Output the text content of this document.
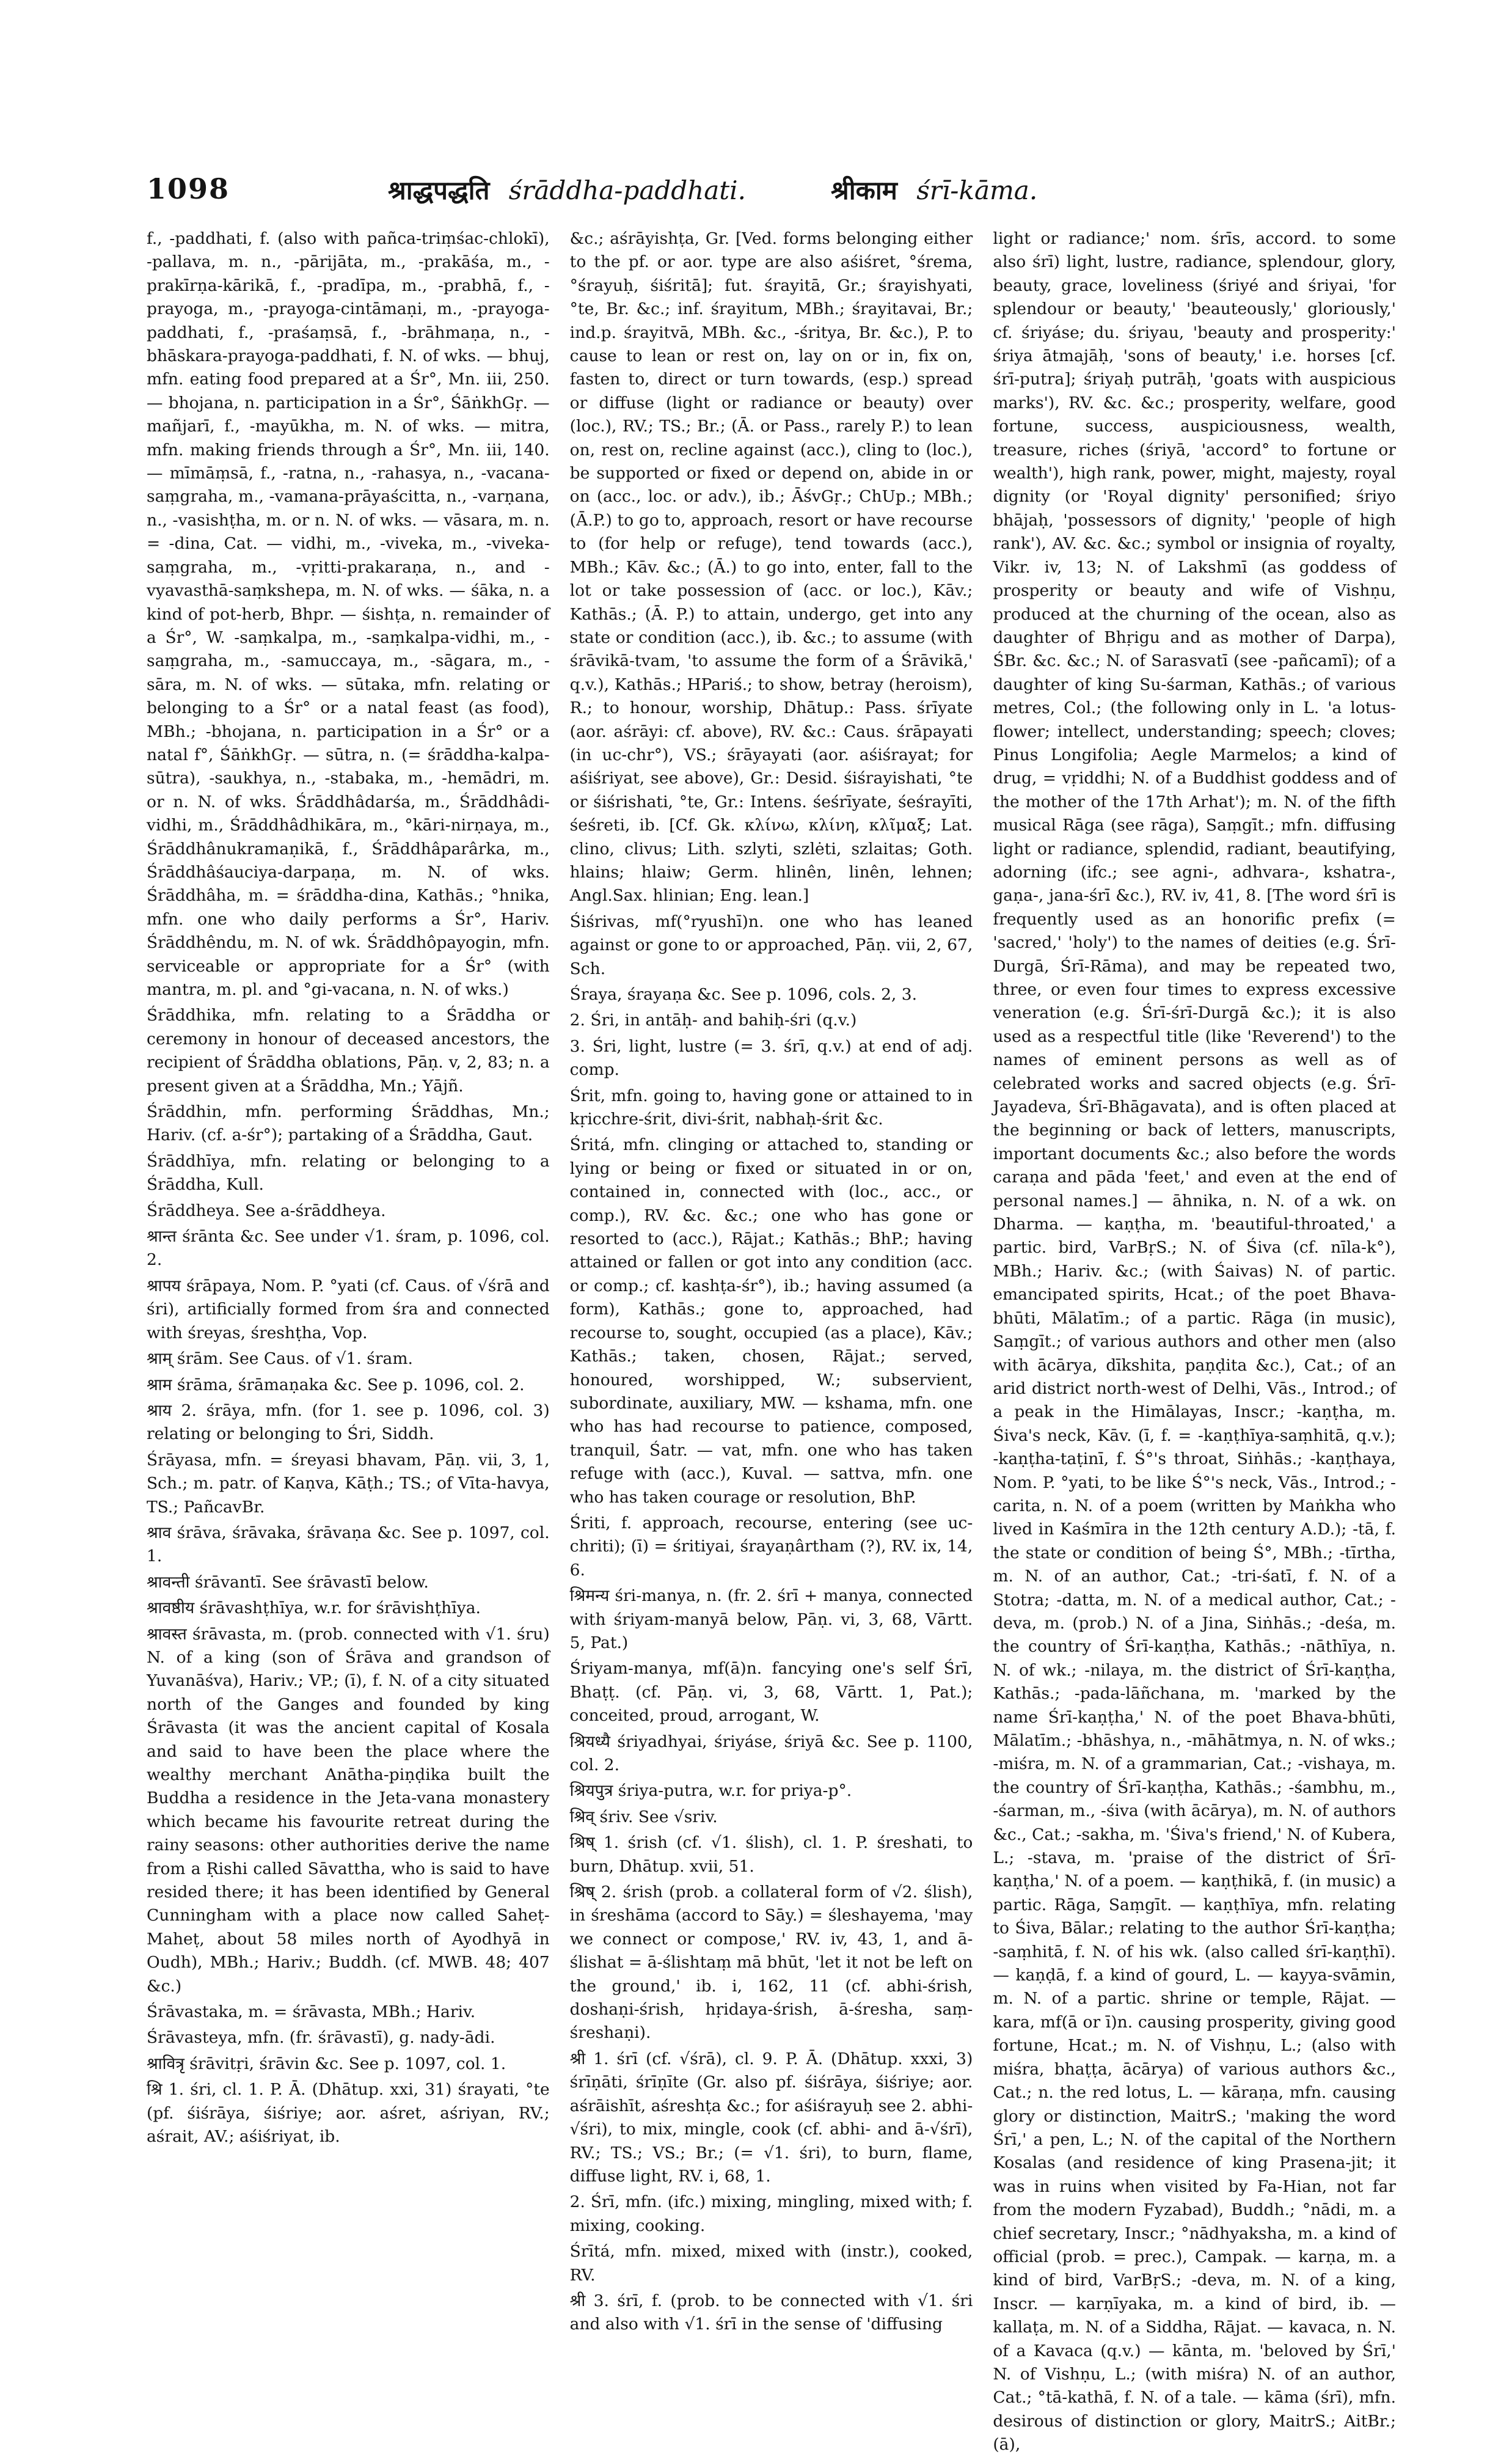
1098	श्राद्धपद्धति śrāddha-paddhati.	श्रीकाम śrī-kāma.

f., -paddhati, f. (also with pañca-triṃśac-chlokī), -pallava, m. n., -pārijāta, m., -prakāśa, m., -prakīrṇa-kārikā, f., -pradīpa, m., -prabhā, f., -prayoga, m., -prayoga-cintāmaṇi, m., -prayoga-paddhati, f., -praśaṃsā, f., -brāhmaṇa, n., -bhāskara-prayoga-paddhati, f. N. of wks. — bhuj, mfn. eating food prepared at a Śr°, Mn. iii, 250. — bhojana, n. participation in a Śr°, ŚāṅkhGṛ. — mañjarī, f., -mayūkha, m. N. of wks. — mitra, mfn. making friends through a Śr°, Mn. iii, 140. — mīmāṃsā, f., -ratna, n., -rahasya, n., -vacana-saṃgraha, m., -vamana-prāyaścitta, n., -varṇana, n., -vasishṭha, m. or n. N. of wks. — vāsara, m. n. = -dina, Cat. — vidhi, m., -viveka, m., -viveka-saṃgraha, m., -vṛitti-prakaraṇa, n., and -vyavasthā-saṃkshepa, m. N. of wks. — śāka, n. a kind of pot-herb, Bhpr. — śishṭa, n. remainder of a Śr°, W. -saṃkalpa, m., -saṃkalpa-vidhi, m., -saṃgraha, m., -samuccaya, m., -sāgara, m., -sāra, m. N. of wks. — sūtaka, mfn. relating or belonging to a Śr° or a natal feast (as food), MBh.; -bhojana, n. participation in a Śr° or a natal f°, ŚāṅkhGṛ. — sūtra, n. (= śrāddha-kalpa-sūtra), -saukhya, n., -stabaka, m., -hemādri, m. or n. N. of wks. Śrāddhâdarśa, m., Śrāddhâdi-vidhi, m., Śrāddhâdhikāra, m., °kāri-nirṇaya, m., Śrāddhânukramaṇikā, f., Śrāddhâparârka, m., Śrāddhâśauciya-darpaṇa, m. N. of wks. Śrāddhâha, m. = śrāddha-dina, Kathās.; °hnika, mfn. one who daily performs a Śr°, Hariv. Śrāddhêndu, m. N. of wk. Śrāddhôpayogin, mfn. serviceable or appropriate for a Śr° (with mantra, m. pl. and °gi-vacana, n. N. of wks.)

Śrāddhika, mfn. relating to a Śrāddha or ceremony in honour of deceased ancestors, the recipient of Śrāddha oblations, Pāṇ. v, 2, 83; n. a present given at a Śrāddha, Mn.; Yājñ.

Śrāddhin, mfn. performing Śrāddhas, Mn.; Hariv. (cf. a-śr°); partaking of a Śrāddha, Gaut.

Śrāddhīya, mfn. relating or belonging to a Śrāddha, Kull.

Śrāddheya. See a-śrāddheya.

श्रान्त śrānta &c. See under √1. śram, p. 1096, col. 2.

श्रापय śrāpaya, Nom. P. °yati (cf. Caus. of √śrā and śri), artificially formed from śra and connected with śreyas, śreshṭha, Vop.

श्राम् śrām. See Caus. of √1. śram.

श्राम śrāma, śrāmaṇaka &c. See p. 1096, col. 2.

श्राय 2. śrāya, mfn. (for 1. see p. 1096, col. 3) relating or belonging to Śri, Siddh.

Śrāyasa, mfn. = śreyasi bhavam, Pāṇ. vii, 3, 1, Sch.; m. patr. of Kaṇva, Kāṭh.; TS.; of Vīta-havya, TS.; PañcavBr.

श्राव śrāva, śrāvaka, śrāvaṇa &c. See p. 1097, col. 1.

श्रावन्ती śrāvantī. See śrāvastī below.

श्रावष्ठीय śrāvashṭhīya, w.r. for śrāvishṭhīya.

श्रावस्त śrāvasta, m. (prob. connected with √1. śru) N. of a king (son of Śrāva and grandson of Yuvanāśva), Hariv.; VP.; (ī), f. N. of a city situated north of the Ganges and founded by king Śrāvasta (it was the ancient capital of Kosala and said to have been the place where the wealthy merchant Anātha-piṇḍika built the Buddha a residence in the Jeta-vana monastery which became his favourite retreat during the rainy seasons: other authorities derive the name from a Ṛishi called Sāvattha, who is said to have resided there; it has been identified by General Cunningham with a place now called Saheṭ-Maheṭ, about 58 miles north of Ayodhyā in Oudh), MBh.; Hariv.; Buddh. (cf. MWB. 48; 407 &c.)

Śrāvastaka, m. = śrāvasta, MBh.; Hariv.

Śrāvasteya, mfn. (fr. śrāvastī), g. nady-ādi.

श्रावित्रृ śrāvitṛi, śrāvin &c. See p. 1097, col. 1.

श्रि 1. śri, cl. 1. P. Ā. (Dhātup. xxi, 31) śrayati, °te (pf. śiśrāya, śiśriye; aor. aśret, aśriyan, RV.; aśrait, AV.; aśiśriyat, ib.

&c.; aśrāyishṭa, Gr. [Ved. forms belonging either to the pf. or aor. type are also aśiśret, °śrema, °śrayuḥ, śiśritā]; fut. śrayitā, Gr.; śrayishyati, °te, Br. &c.; inf. śrayitum, MBh.; śrayitavai, Br.; ind.p. śrayitvā, MBh. &c., -śritya, Br. &c.), P. to cause to lean or rest on, lay on or in, fix on, fasten to, direct or turn towards, (esp.) spread or diffuse (light or radiance or beauty) over (loc.), RV.; TS.; Br.; (Ā. or Pass., rarely P.) to lean on, rest on, recline against (acc.), cling to (loc.), be supported or fixed or depend on, abide in or on (acc., loc. or adv.), ib.; ĀśvGṛ.; ChUp.; MBh.; (Ā.P.) to go to, approach, resort or have recourse to (for help or refuge), tend towards (acc.), MBh.; Kāv. &c.; (Ā.) to go into, enter, fall to the lot or take possession of (acc. or loc.), Kāv.; Kathās.; (Ā. P.) to attain, undergo, get into any state or condition (acc.), ib. &c.; to assume (with śrāvikā-tvam, 'to assume the form of a Śrāvikā,' q.v.), Kathās.; HPariś.; to show, betray (heroism), R.; to honour, worship, Dhātup.: Pass. śrīyate (aor. aśrāyi: cf. above), RV. &c.: Caus. śrāpayati (in uc-chr°), VS.; śrāyayati (aor. aśiśrayat; for aśiśriyat, see above), Gr.: Desid. śiśrayishati, °te or śiśrishati, °te, Gr.: Intens. śeśrīyate, śeśrayīti, śeśreti, ib. [Cf. Gk. κλίνω, κλίνη, κλῖμαξ; Lat. clino, clivus; Lith. szlyti, szlėti, szlaitas; Goth. hlains; hlaiw; Germ. hlinên, linên, lehnen; Angl.Sax. hlinian; Eng. lean.]

Śiśrivas, mf(°ryushī)n. one who has leaned against or gone to or approached, Pāṇ. vii, 2, 67, Sch.

Śraya, śrayaṇa &c. See p. 1096, cols. 2, 3.

2. Śri, in antāḥ- and bahiḥ-śri (q.v.)

3. Śri, light, lustre (= 3. śrī, q.v.) at end of adj. comp.

Śrit, mfn. going to, having gone or attained to in kṛicchre-śrit, divi-śrit, nabhaḥ-śrit &c.

Śritá, mfn. clinging or attached to, standing or lying or being or fixed or situated in or on, contained in, connected with (loc., acc., or comp.), RV. &c. &c.; one who has gone or resorted to (acc.), Rājat.; Kathās.; BhP.; having attained or fallen or got into any condition (acc. or comp.; cf. kashṭa-śr°), ib.; having assumed (a form), Kathās.; gone to, approached, had recourse to, sought, occupied (as a place), Kāv.; Kathās.; taken, chosen, Rājat.; served, honoured, worshipped, W.; subservient, subordinate, auxiliary, MW. — kshama, mfn. one who has had recourse to patience, composed, tranquil, Śatr. — vat, mfn. one who has taken refuge with (acc.), Kuval. — sattva, mfn. one who has taken courage or resolution, BhP.

Śriti, f. approach, recourse, entering (see uc-chriti); (ī) = śritiyai, śrayaṇârtham (?), RV. ix, 14, 6.

श्रिमन्य śri-manya, n. (fr. 2. śrī + manya, connected with śriyam-manyā below, Pāṇ. vi, 3, 68, Vārtt. 5, Pat.)

Śriyam-manya, mf(ā)n. fancying one's self Śrī, Bhaṭṭ. (cf. Pāṇ. vi, 3, 68, Vārtt. 1, Pat.); conceited, proud, arrogant, W.

श्रियध्यै śriyadhyai, śriyáse, śriyā &c. See p. 1100, col. 2.

श्रियपुत्र śriya-putra, w.r. for priya-p°.

श्रिव् śriv. See √sriv.

श्रिष् 1. śrish (cf. √1. ślish), cl. 1. P. śreshati, to burn, Dhātup. xvii, 51.

श्रिष् 2. śrish (prob. a collateral form of √2. ślish), in śreshāma (accord to Sāy.) = śleshayema, 'may we connect or compose,' RV. iv, 43, 1, and ā-ślishat = ā-ślishtaṃ mā bhūt, 'let it not be left on the ground,' ib. i, 162, 11 (cf. abhi-śrish, doshaṇi-śrish, hṛidaya-śrish, ā-śresha, saṃ-śreshaṇi).

श्री 1. śrī (cf. √śrā), cl. 9. P. Ā. (Dhātup. xxxi, 3) śrīṇāti, śrīṇīte (Gr. also pf. śiśrāya, śiśriye; aor. aśrāishīt, aśreshṭa &c.; for aśiśrayuḥ see 2. abhi-√śri), to mix, mingle, cook (cf. abhi- and ā-√śrī), RV.; TS.; VS.; Br.; (= √1. śri), to burn, flame, diffuse light, RV. i, 68, 1.

2. Śrī, mfn. (ifc.) mixing, mingling, mixed with; f. mixing, cooking.

Śrītá, mfn. mixed, mixed with (instr.), cooked, RV.

श्री 3. śrī, f. (prob. to be connected with √1. śri and also with √1. śrī in the sense of 'diffusing

light or radiance;' nom. śrīs, accord. to some also śrī) light, lustre, radiance, splendour, glory, beauty, grace, loveliness (śriyé and śriyai, 'for splendour or beauty,' 'beauteously,' gloriously,' cf. śriyáse; du. śriyau, 'beauty and prosperity:' śriya ātmajāḥ, 'sons of beauty,' i.e. horses [cf. śrī-putra]; śriyaḥ putrāḥ, 'goats with auspicious marks'), RV. &c. &c.; prosperity, welfare, good fortune, success, auspiciousness, wealth, treasure, riches (śriyā, 'accord° to fortune or wealth'), high rank, power, might, majesty, royal dignity (or 'Royal dignity' personified; śriyo bhājaḥ, 'possessors of dignity,' 'people of high rank'), AV. &c. &c.; symbol or insignia of royalty, Vikr. iv, 13; N. of Lakshmī (as goddess of prosperity or beauty and wife of Vishṇu, produced at the churning of the ocean, also as daughter of Bhṛigu and as mother of Darpa), ŚBr. &c. &c.; N. of Sarasvatī (see -pañcamī); of a daughter of king Su-śarman, Kathās.; of various metres, Col.; (the following only in L. 'a lotus-flower; intellect, understanding; speech; cloves; Pinus Longifolia; Aegle Marmelos; a kind of drug, = vṛiddhi; N. of a Buddhist goddess and of the mother of the 17th Arhat'); m. N. of the fifth musical Rāga (see rāga), Saṃgīt.; mfn. diffusing light or radiance, splendid, radiant, beautifying, adorning (ifc.; see agni-, adhvara-, kshatra-, gaṇa-, jana-śrī &c.), RV. iv, 41, 8. [The word śrī is frequently used as an honorific prefix (= 'sacred,' 'holy') to the names of deities (e.g. Śrī-Durgā, Śrī-Rāma), and may be repeated two, three, or even four times to express excessive veneration (e.g. Śrī-śrī-Durgā &c.); it is also used as a respectful title (like 'Reverend') to the names of eminent persons as well as of celebrated works and sacred objects (e.g. Śrī-Jayadeva, Śrī-Bhāgavata), and is often placed at the beginning or back of letters, manuscripts, important documents &c.; also before the words caraṇa and pāda 'feet,' and even at the end of personal names.] — āhnika, n. N. of a wk. on Dharma. — kaṇṭha, m. 'beautiful-throated,' a partic. bird, VarBṛS.; N. of Śiva (cf. nīla-k°), MBh.; Hariv. &c.; (with Śaivas) N. of partic. emancipated spirits, Hcat.; of the poet Bhava-bhūti, Mālatīm.; of a partic. Rāga (in music), Saṃgīt.; of various authors and other men (also with ācārya, dīkshita, paṇḍita &c.), Cat.; of an arid district north-west of Delhi, Vās., Introd.; of a peak in the Himālayas, Inscr.; -kaṇṭha, m. Śiva's neck, Kāv. (ī, f. = -kaṇṭhīya-saṃhitā, q.v.); -kaṇṭha-taṭinī, f. Ś°'s throat, Siṅhās.; -kaṇṭhaya, Nom. P. °yati, to be like Ś°'s neck, Vās., Introd.; -carita, n. N. of a poem (written by Maṅkha who lived in Kaśmīra in the 12th century A.D.); -tā, f. the state or condition of being Ś°, MBh.; -tīrtha, m. N. of an author, Cat.; -tri-śatī, f. N. of a Stotra; -datta, m. N. of a medical author, Cat.; -deva, m. (prob.) N. of a Jina, Siṅhās.; -deśa, m. the country of Śrī-kaṇṭha, Kathās.; -nāthīya, n. N. of wk.; -nilaya, m. the district of Śrī-kaṇṭha, Kathās.; -pada-lāñchana, m. 'marked by the name Śrī-kaṇṭha,' N. of the poet Bhava-bhūti, Mālatīm.; -bhāshya, n., -māhātmya, n. N. of wks.; -miśra, m. N. of a grammarian, Cat.; -vishaya, m. the country of Śrī-kaṇṭha, Kathās.; -śambhu, m., -śarman, m., -śiva (with ācārya), m. N. of authors &c., Cat.; -sakha, m. 'Śiva's friend,' N. of Kubera, L.; -stava, m. 'praise of the district of Śrī-kaṇṭha,' N. of a poem. — kaṇṭhikā, f. (in music) a partic. Rāga, Saṃgīt. — kaṇṭhīya, mfn. relating to Śiva, Bālar.; relating to the author Śrī-kaṇṭha; -saṃhitā, f. N. of his wk. (also called śrī-kaṇṭhī). — kaṇḍā, f. a kind of gourd, L. — kayya-svāmin, m. N. of a partic. shrine or temple, Rājat. — kara, mf(ā or ī)n. causing prosperity, giving good fortune, Hcat.; m. N. of Vishṇu, L.; (also with miśra, bhaṭṭa, ācārya) of various authors &c., Cat.; n. the red lotus, L. — kāraṇa, mfn. causing glory or distinction, MaitrS.; 'making the word Śrī,' a pen, L.; N. of the capital of the Northern Kosalas (and residence of king Prasena-jit; it was in ruins when visited by Fa-Hian, not far from the modern Fyzabad), Buddh.; °nādi, m. a chief secretary, Inscr.; °nādhyaksha, m. a kind of official (prob. = prec.), Campak. — karṇa, m. a kind of bird, VarBṛS.; -deva, m. N. of a king, Inscr. — karṇīyaka, m. a kind of bird, ib. — kallaṭa, m. N. of a Siddha, Rājat. — kavaca, n. N. of a Kavaca (q.v.) — kānta, m. 'beloved by Śrī,' N. of Vishṇu, L.; (with miśra) N. of an author, Cat.; °tā-kathā, f. N. of a tale. — kāma (śrī), mfn. desirous of distinction or glory, MaitrS.; AitBr.; (ā),
